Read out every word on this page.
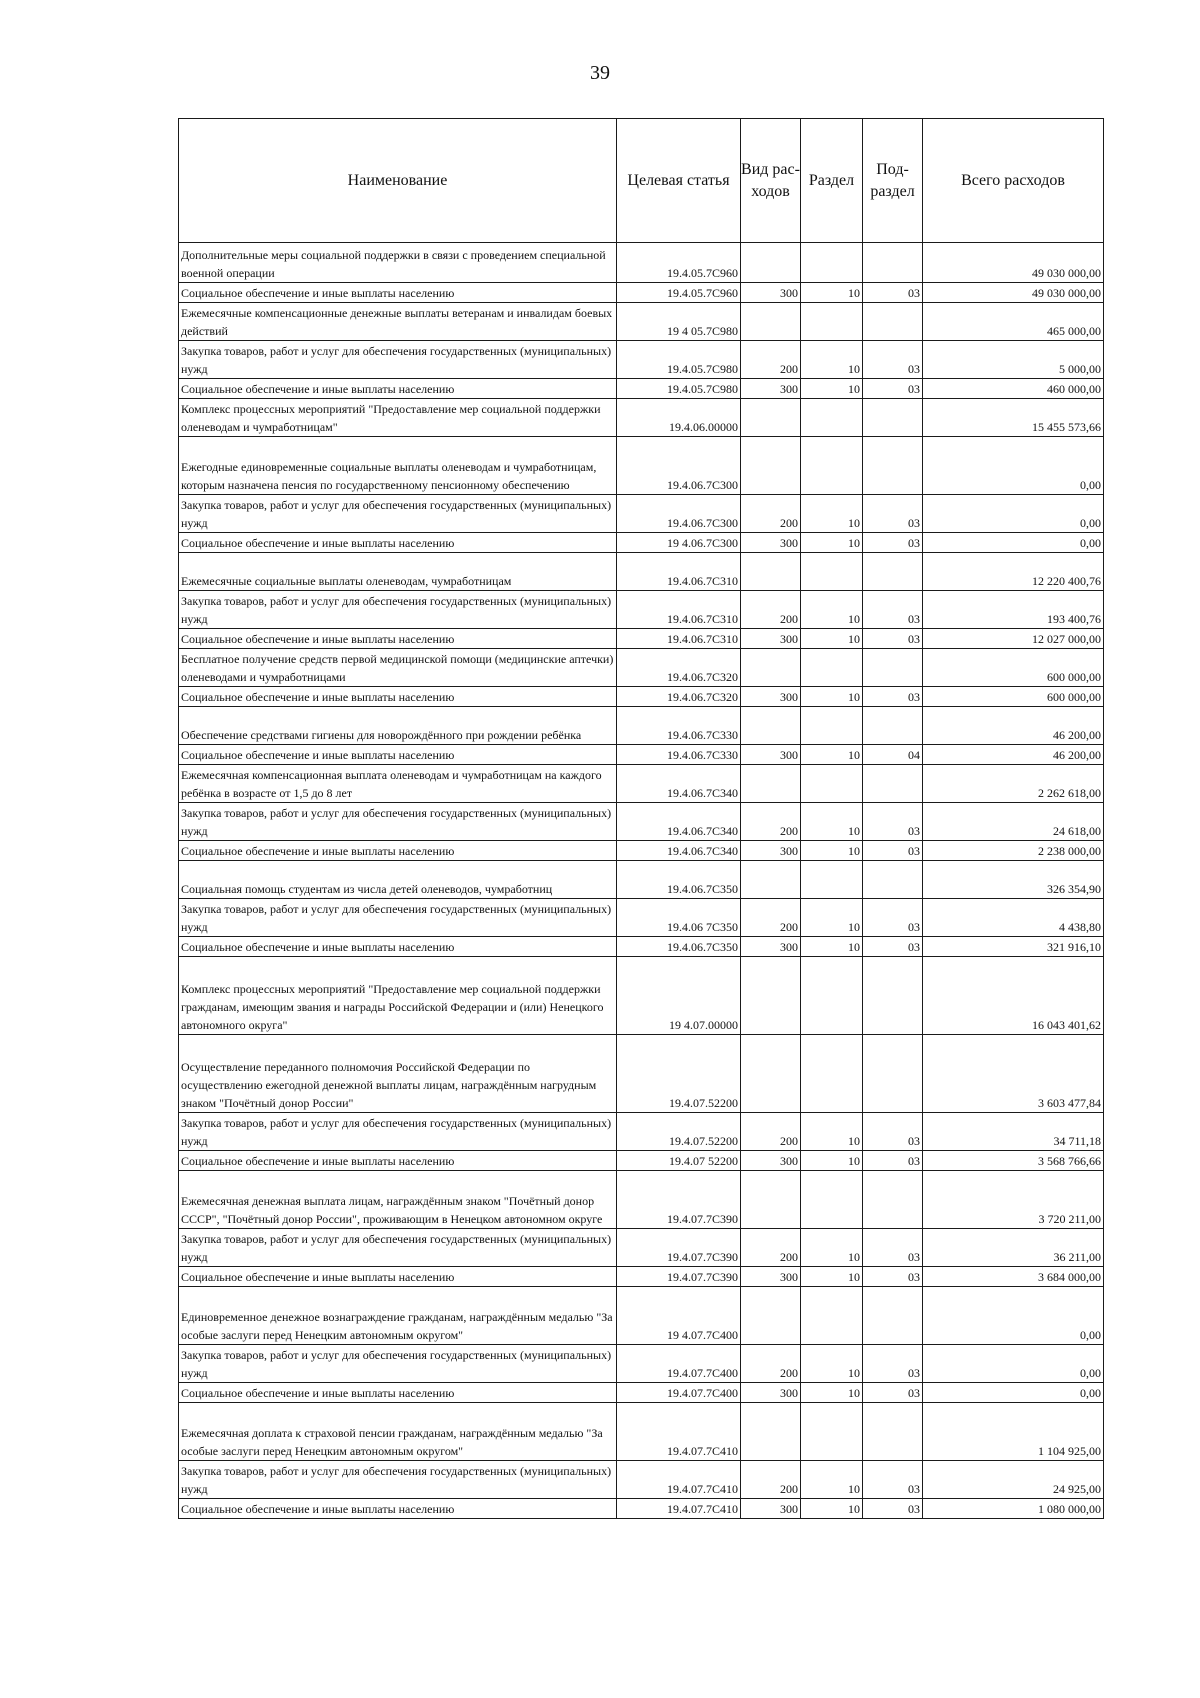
39
Наименование	Целевая статья	Вид рас- ходов	Раздел	Под- раздел	Всего расходов
Дополнительные меры социальной поддержки в связи с проведением специальной военной операции	19.4.05.7C960				49 030 000,00
Социальное обеспечение и иные выплаты населению	19.4.05.7C960	300	10	03	49 030 000,00
Ежемесячные компенсационные денежные выплаты ветеранам и инвалидам боевых действий	19 4 05.7C980				465 000,00
Закупка товаров, работ и услуг для обеспечения государственных (муниципальных) нужд	19.4.05.7C980	200	10	03	5 000,00
Социальное обеспечение и иные выплаты населению	19.4.05.7C980	300	10	03	460 000,00
Комплекс процессных мероприятий "Предоставление мер социальной поддержки оленеводам и чумработницам"	19.4.06.00000				15 455 573,66
Ежегодные единовременные социальные выплаты оленеводам и чумработницам, которым назначена пенсия по государственному пенсионному обеспечению	19.4.06.7C300				0,00
Закупка товаров, работ и услуг для обеспечения государственных (муниципальных) нужд	19.4.06.7C300	200	10	03	0,00
Социальное обеспечение и иные выплаты населению	19 4.06.7C300	300	10	03	0,00
Ежемесячные социальные выплаты оленеводам, чумработницам	19.4.06.7C310				12 220 400,76
Закупка товаров, работ и услуг для обеспечения государственных (муниципальных) нужд	19.4.06.7C310	200	10	03	193 400,76
Социальное обеспечение и иные выплаты населению	19.4.06.7C310	300	10	03	12 027 000,00
Бесплатное получение средств первой медицинской помощи (медицинские аптечки) оленеводами и чумработницами	19.4.06.7C320				600 000,00
Социальное обеспечение и иные выплаты населению	19.4.06.7C320	300	10	03	600 000,00
Обеспечение средствами гигиены для новорождённого при рождении ребёнка	19.4.06.7C330				46 200,00
Социальное обеспечение и иные выплаты населению	19.4.06.7C330	300	10	04	46 200,00
Ежемесячная компенсационная выплата оленеводам и чумработницам на каждого ребёнка в возрасте от 1,5 до 8 лет	19.4.06.7C340				2 262 618,00
Закупка товаров, работ и услуг для обеспечения государственных (муниципальных) нужд	19.4.06.7C340	200	10	03	24 618,00
Социальное обеспечение и иные выплаты населению	19.4.06.7C340	300	10	03	2 238 000,00
Социальная помощь студентам из числа детей оленеводов, чумработниц	19.4.06.7C350				326 354,90
Закупка товаров, работ и услуг для обеспечения государственных (муниципальных) нужд	19.4.06 7C350	200	10	03	4 438,80
Социальное обеспечение и иные выплаты населению	19.4.06.7C350	300	10	03	321 916,10
Комплекс процессных мероприятий "Предоставление мер социальной поддержки гражданам, имеющим звания и награды Российской Федерации и (или) Ненецкого автономного округа"	19 4.07.00000				16 043 401,62
Осуществление переданного полномочия Российской Федерации по осуществлению ежегодной денежной выплаты лицам, награждённым нагрудным знаком "Почётный донор России"	19.4.07.52200				3 603 477,84
Закупка товаров, работ и услуг для обеспечения государственных (муниципальных) нужд	19.4.07.52200	200	10	03	34 711,18
Социальное обеспечение и иные выплаты населению	19.4.07 52200	300	10	03	3 568 766,66
Ежемесячная денежная выплата лицам, награждённым знаком "Почётный донор СССР", "Почётный донор России", проживающим в Ненецком автономном округе	19.4.07.7C390				3 720 211,00
Закупка товаров, работ и услуг для обеспечения государственных (муниципальных) нужд	19.4.07.7C390	200	10	03	36 211,00
Социальное обеспечение и иные выплаты населению	19.4.07.7C390	300	10	03	3 684 000,00
Единовременное денежное вознаграждение гражданам, награждённым медалью "За особые заслуги перед Ненецким автономным округом"	19 4.07.7C400				0,00
Закупка товаров, работ и услуг для обеспечения государственных (муниципальных) нужд	19.4.07.7C400	200	10	03	0,00
Социальное обеспечение и иные выплаты населению	19.4.07.7C400	300	10	03	0,00
Ежемесячная доплата к страховой пенсии гражданам, награждённым медалью "За особые заслуги перед Ненецким автономным округом"	19.4.07.7C410				1 104 925,00
Закупка товаров, работ и услуг для обеспечения государственных (муниципальных) нужд	19.4.07.7C410	200	10	03	24 925,00
Социальное обеспечение и иные выплаты населению	19.4.07.7C410	300	10	03	1 080 000,00
